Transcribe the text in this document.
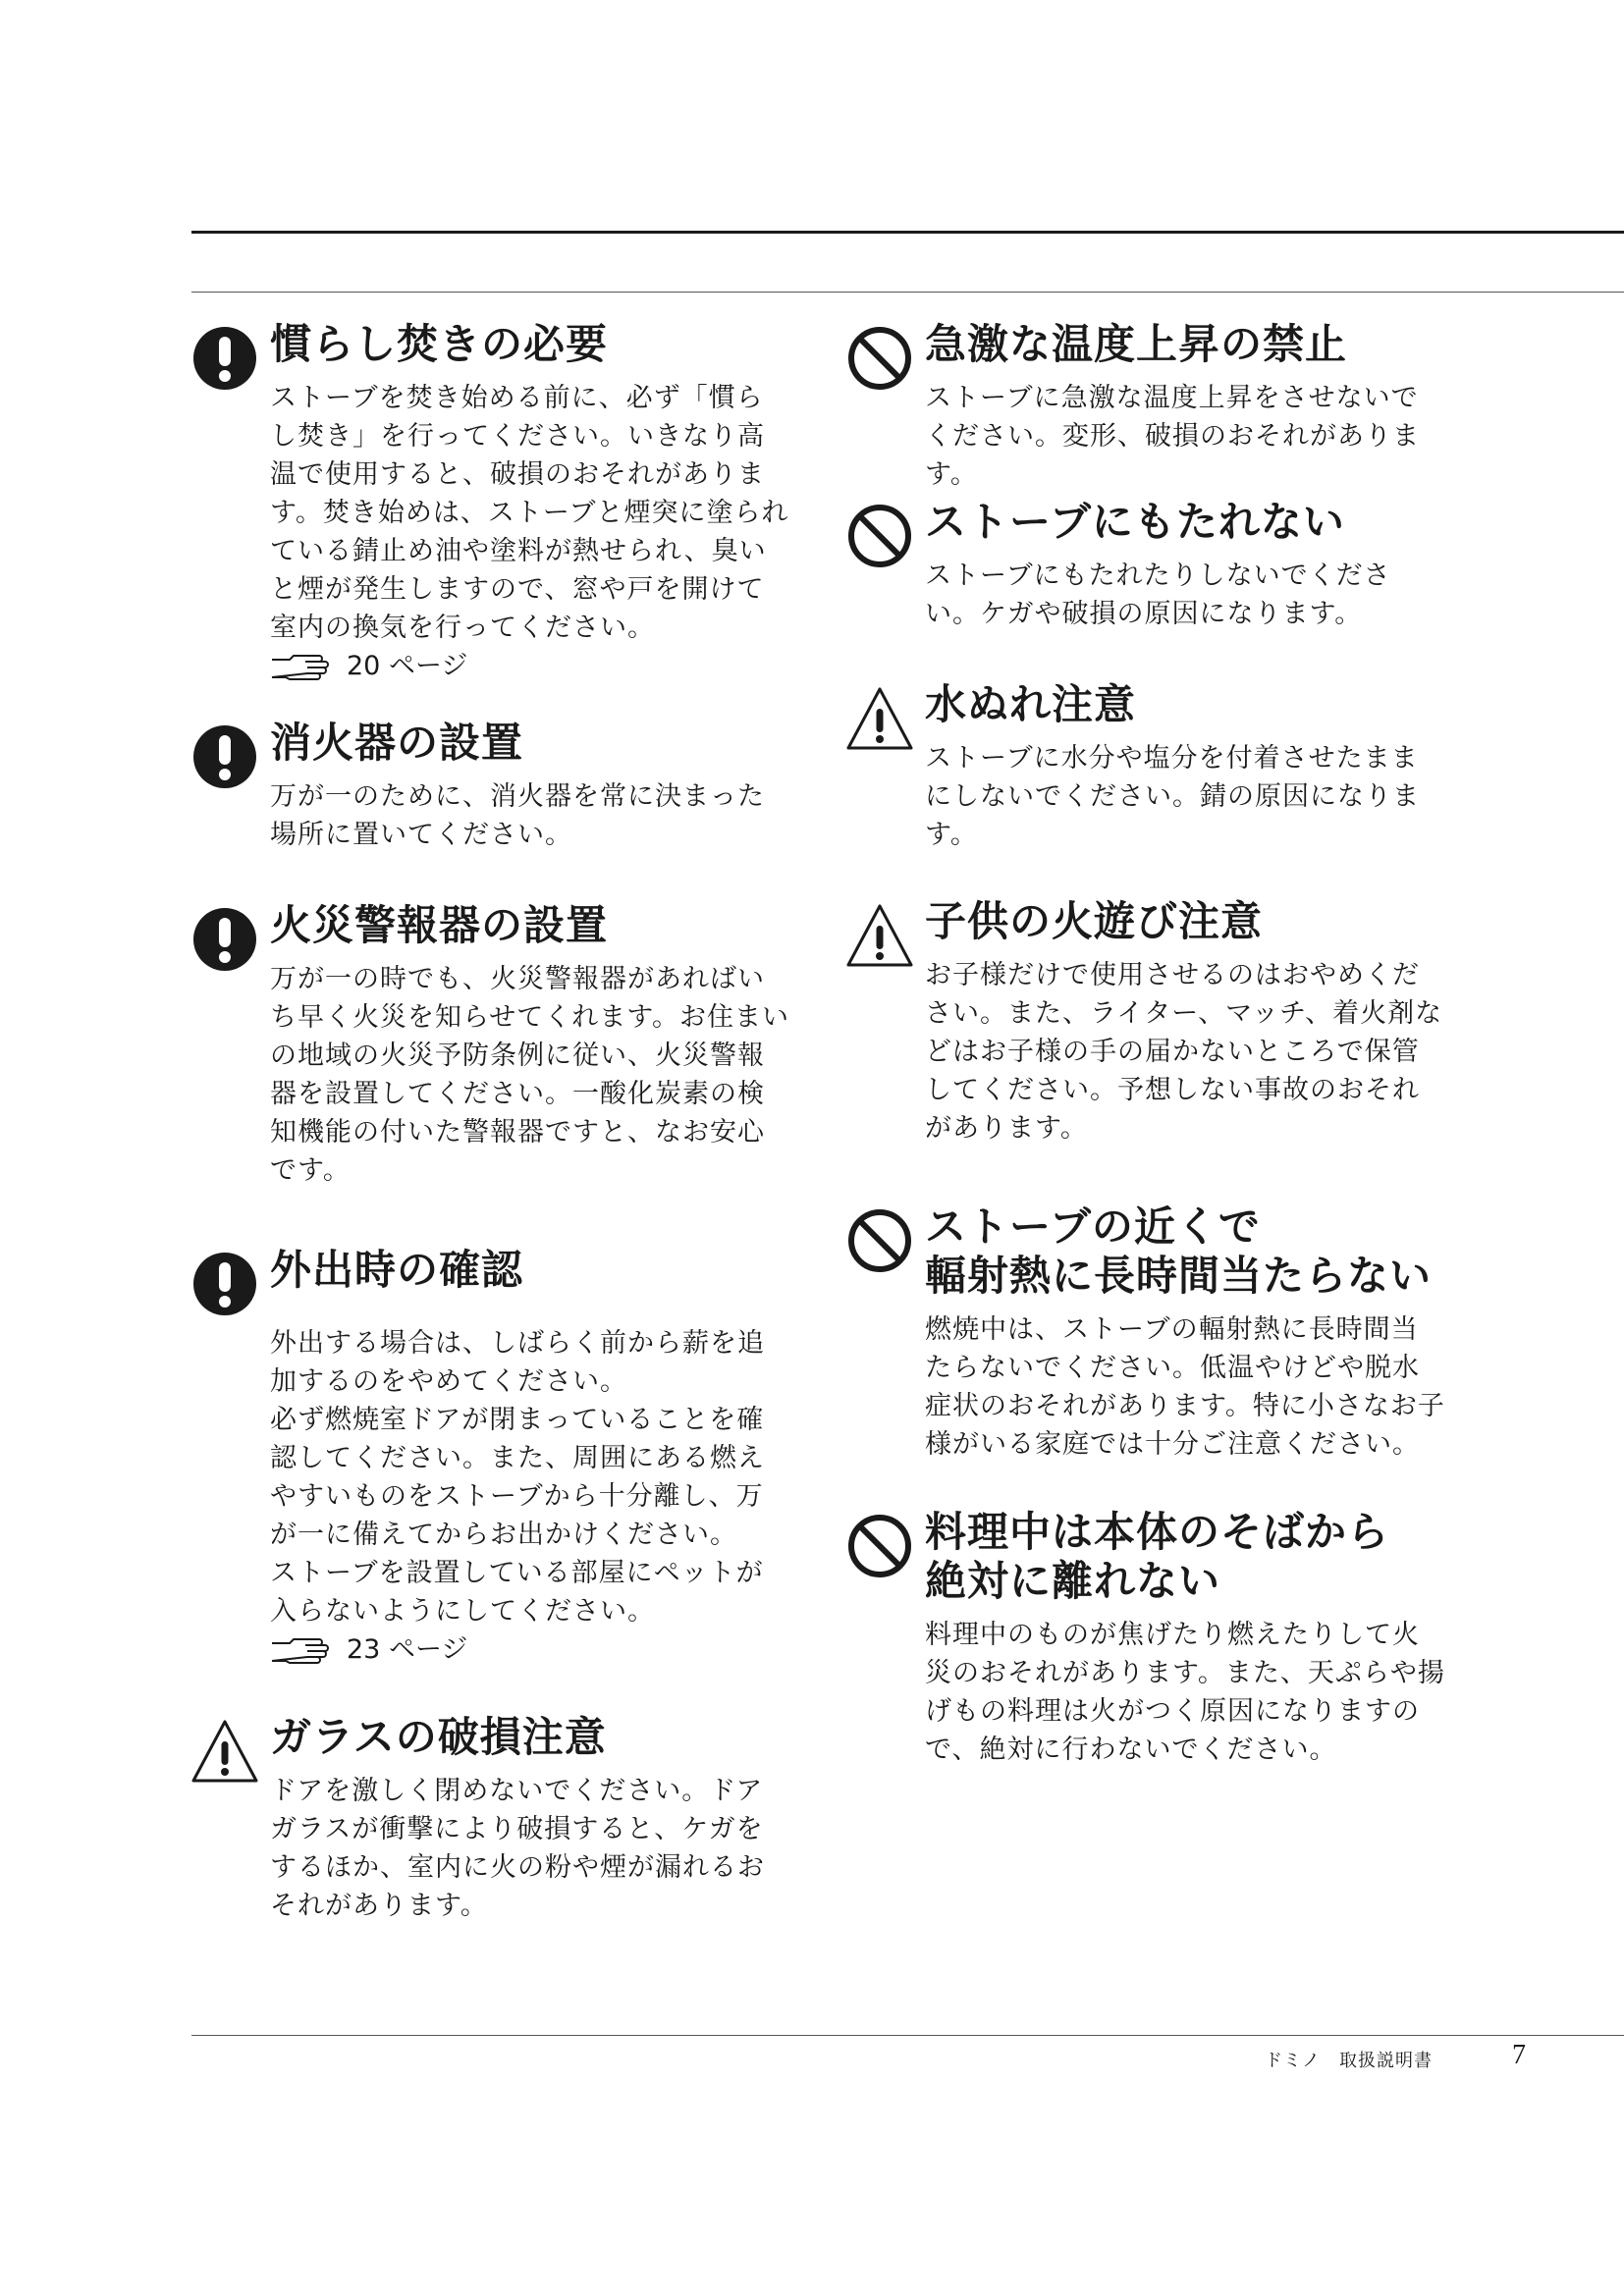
慣らし焚きの必要

ストーブを焚き始める前に、必ず「慣らし焚き」を行ってください。いきなり高温で使用すると、破損のおそれがあります。焚き始めは、ストーブと煙突に塗られている錆止め油や塗料が熱せられ、臭いと煙が発生しますので、窓や戸を開けて室内の換気を行ってください。

20 ページ
消火器の設置

万が一のために、消火器を常に決まった場所に置いてください。

火災警報器の設置

万が一の時でも、火災警報器があればいち早く火災を知らせてくれます。お住まいの地域の火災予防条例に従い、火災警報器を設置してください。一酸化炭素の検知機能の付いた警報器ですと、なお安心です。

外出時の確認

外出する場合は、しばらく前から薪を追加するのをやめてください。
必ず燃焼室ドアが閉まっていることを確認してください。また、周囲にある燃えやすいものをストーブから十分離し、万が一に備えてからお出かけください。
ストーブを設置している部屋にペットが入らないようにしてください。

23 ページ
ガラスの破損注意

ドアを激しく閉めないでください。ドアガラスが衝撃により破損すると、ケガをするほか、室内に火の粉や煙が漏れるおそれがあります。

急激な温度上昇の禁止

ストーブに急激な温度上昇をさせないでください。変形、破損のおそれがあります。

ストーブにもたれない

ストーブにもたれたりしないでください。ケガや破損の原因になります。

水ぬれ注意

ストーブに水分や塩分を付着させたままにしないでください。錆の原因になります。

子供の火遊び注意

お子様だけで使用させるのはおやめください。また、ライター、マッチ、着火剤などはお子様の手の届かないところで保管してください。予想しない事故のおそれがあります。

ストーブの近くで
輻射熱に長時間当たらない

燃焼中は、ストーブの輻射熱に長時間当たらないでください。低温やけどや脱水症状のおそれがあります。特に小さなお子様がいる家庭では十分ご注意ください。

料理中は本体のそばから
絶対に離れない

料理中のものが焦げたり燃えたりして火災のおそれがあります。また、天ぷらや揚げもの料理は火がつく原因になりますので、絶対に行わないでください。

ドミノ　取扱説明書	7
